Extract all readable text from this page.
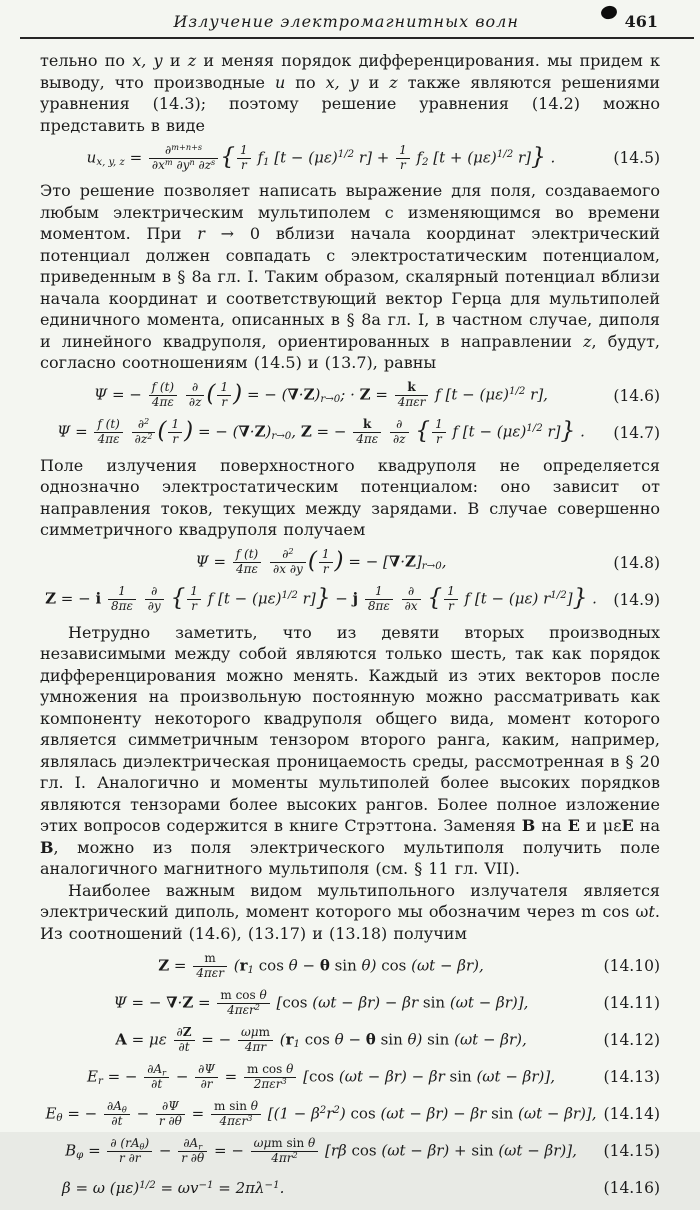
Излучение электромагнитных волн	461

тельно по x, y и z и меняя порядок дифференцирования. мы придем к выводу, что производные u по x, y и z также являются решениями уравнения (14.3); поэтому решение уравнения (14.2) можно представить в виде

$u_{x, y, z} = \frac{\partial^{m+n+s}}{\partial x^m \partial y^n \partial z^s}$ { $\frac{1}{r} f_1$ [$t - (\mu\varepsilon)^{1/2}$ $r] + \frac{1}{r} f_2$ [$t + (\mu\varepsilon)^{1/2}$ r]} .	(14.5)

Это решение позволяет написать выражение для поля, создаваемого любым электрическим мультиполем с изменяющимся во времени моментом. При r → 0 вблизи начала координат электрический потенциал должен совпадать с электростатическим потенциалом, приведенным в § 8а гл. I. Таким образом, скалярный потенциал вблизи начала координат и соответствующий вектор Герца для мультиполей единичного момента, описанных в § 8а гл. I, в частном случае, диполя и линейного квадруполя, ориентированных в направлении z, будут, согласно соотношениям (14.5) и (13.7), равны

Ψ = − $\frac{f (t)}{4\pi\varepsilon}$
$\frac{\partial}{\partial z}$ ( $\frac{1}{r}$ ) = − $(\nabla\cdot Z)_{r\to 0}$; · $Z = \frac{k}{\text{4πεr}}$ f [$t - (\mu\varepsilon)^{1/2}$ r],	(14.6)
$\Psi = \frac{f (t)}{4\pi\varepsilon}$
$\frac{\partial^2}{\partial z^2}$ ( $\frac{1}{r}$ ) = − $(\nabla\cdot Z)_{r\to 0}$, Z = − $\frac{k}{4\pi\varepsilon}$
$\frac{\partial}{\partial z}$ { $\frac{1}{r}$ f [$t - (\mu\varepsilon)^{1/2}$ r]} . (14.7)

Поле излучения поверхностного квадруполя не определяется однозначно электростатическим потенциалом: оно зависит от направления токов, текущих между зарядами. В случае совершенно симметричного квадруполя получаем

$\Psi = \frac{f (t)}{4\pi\varepsilon}$
$\frac{\partial^2}{\partial x \partial y}$ ( $\frac{1}{r}$ ) = − $[\nabla\cdot Z]_{r\to 0}$,	(14.8)
Z = − i $\frac{1}{8\pi\varepsilon}$
$\frac{\partial}{\partial y}$ { $\frac{1}{r}$ f [$t - (\mu\varepsilon)^{1/2}$ r]} − j $\frac{1}{8\pi\varepsilon}$
$\frac{\partial}{\partial x}$ { $\frac{1}{r}$ f [t − (με) $r^{1/2}$]} . (14.9)

Нетрудно заметить, что из девяти вторых производных независимыми между собой являются только шесть, так как порядок дифференцирования можно менять. Каждый из этих векторов после умножения на произвольную постоянную можно рассматривать как компоненту некоторого квадруполя общего вида, момент которого является симметричным тензором второго ранга, каким, например, являлась диэлектрическая проницаемость среды, рассмотренная в § 20 гл. I. Аналогично и моменты мультиполей более высоких порядков являются тензорами более высоких рангов. Более полное изложение этих вопросов содержится в книге Стрэттона. Заменяя B на E и μεE на B, можно из поля электрического мультиполя получить поле аналогичного магнитного мультиполя (см. § 11 гл. VII).

Наиболее важным видом мультипольного излучателя является электрический диполь, момент которого мы обозначим через m cos ωt. Из соотношений (14.6), (13.17) и (13.18) получим

$Z = \frac{m}{\text{4πεr}} (r_1$ cos θ − θ sin θ) cos (ωt − βr),	(14.10)
Ψ = − $\nabla\cdot Z = \frac{\text{m cos θ}}{4\pi\varepsilon r^2} [\cos$ (ωt − βr) − βr sin (ωt − βr)],	(14.11)
A = με $\frac{\partial Z}{\partial t}$ = − $\frac{\text{ωμm}}{4\pi r} (r_1$ cos θ − θ sin θ) sin (ωt − βr),	(14.12)
$E_r$ = − $\frac{\partial A_r}{\partial t} - \frac{\partial\Psi}{\partial r} = \frac{\text{m cos θ}}{2\pi\varepsilon r^3} [\cos$ (ωt − βr) − βr sin (ωt − βr)],	(14.13)
$E_\theta$ = − $\frac{\partial A_\theta}{\partial t} - \frac{\partial\Psi}{r \partial\theta} = \frac{\text{m sin θ}}{4\pi\varepsilon r^3} [(1 - \beta^2r^2)$ cos (ωt − βr) − βr sin (ωt − βr)], (14.14)
$B_\varphi = \frac{\partial (rA_\theta)}{r \partial r} - \frac{\partial A_r}{r \partial\theta}$ = − $\frac{\text{ωμm sin θ}}{4\pi r^2} [r\beta$ cos (ωt − βr) + sin (ωt − βr)], (14.15)
β = ω $(\mu\varepsilon)^{1/2} = \omega v^{-1} = 2\pi\lambda^{-1}$.	(14.16)
